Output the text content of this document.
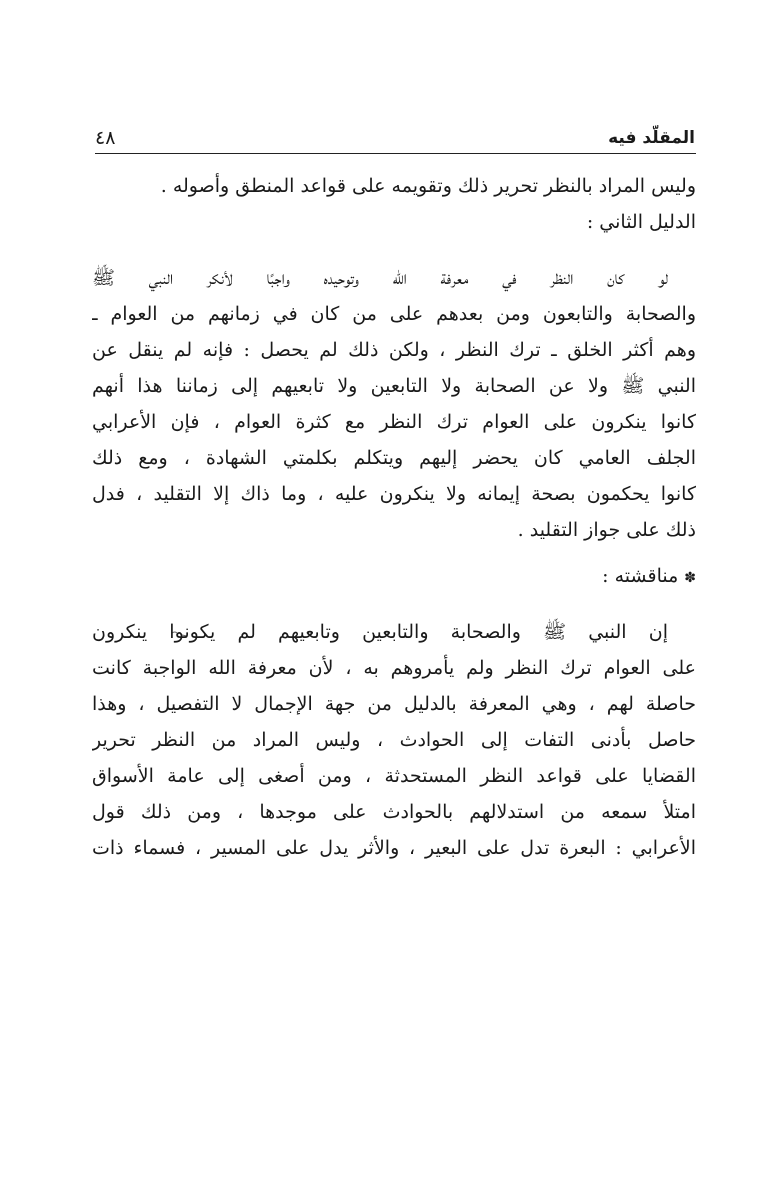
المقلّد فيه
٤٨
وليس المراد بالنظر تحرير ذلك وتقويمه على قواعد المنطق وأصوله .
الدليل الثاني :
لو كان النظر في معرفة الله وتوحيده واجبًا لأنكر النبي ﷺ
والصحابة والتابعون ومن بعدهم على من كان في زمانهم من العوام ـ
وهم أكثر الخلق ـ ترك النظر ، ولكن ذلك لم يحصل : فإنه لم ينقل عن
النبي ﷺ ولا عن الصحابة ولا التابعين ولا تابعيهم إلى زماننا هذا أنهم
كانوا ينكرون على العوام ترك النظر مع كثرة العوام ، فإن الأعرابي
الجلف العامي كان يحضر إليهم ويتكلم بكلمتي الشهادة ، ومع ذلك
كانوا يحكمون بصحة إيمانه ولا ينكرون عليه ، وما ذاك إلا التقليد ، فدل
ذلك على جواز التقليد .
✽مناقشته :
إن النبي ﷺ والصحابة والتابعين وتابعيهم لم يكونوا ينكرون
على العوام ترك النظر ولم يأمروهم به ، لأن معرفة الله الواجبة كانت
حاصلة لهم ، وهي المعرفة بالدليل من جهة الإجمال لا التفصيل ، وهذا
حاصل بأدنى التفات إلى الحوادث ، وليس المراد من النظر تحرير
القضايا على قواعد النظر المستحدثة ، ومن أصغى إلى عامة الأسواق
امتلأ سمعه من استدلالهم بالحوادث على موجدها ، ومن ذلك قول
الأعرابي : البعرة تدل على البعير ، والأثر يدل على المسير ، فسماء ذات
